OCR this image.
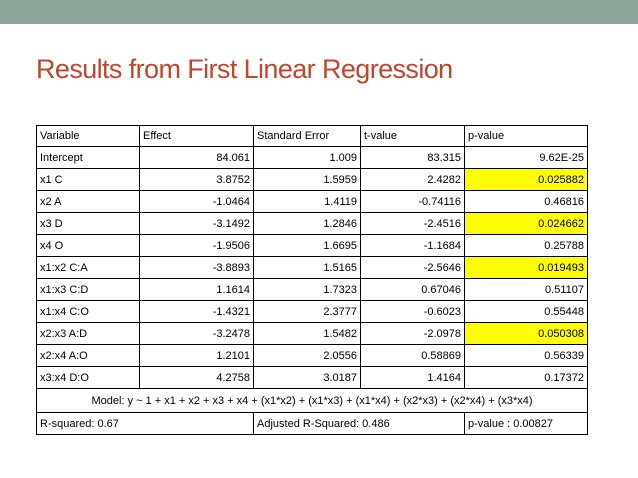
Results from First Linear Regression
Variable	Effect	Standard Error	t-value	p-value
Intercept	84.061	1.009	83.315	9.62E-25
x1 C	3.8752	1.5959	2.4282	0.025882
x2 A	-1.0464	1.4119	-0.74116	0.46816
x3 D	-3.1492	1.2846	-2.4516	0.024662
x4 O	-1.9506	1.6695	-1.1684	0.25788
x1:x2 C:A	-3.8893	1.5165	-2.5646	0.019493
x1:x3 C:D	1.1614	1.7323	0.67046	0.51107
x1:x4 C:O	-1.4321	2.3777	-0.6023	0.55448
x2:x3 A:D	-3.2478	1.5482	-2.0978	0.050308
x2:x4 A:O	1.2101	2.0556	0.58869	0.56339
x3:x4 D:O	4.2758	3.0187	1.4164	0.17372
Model: y ~ 1 + x1 + x2 + x3 + x4 + (x1*x2) + (x1*x3) + (x1*x4) + (x2*x3) + (x2*x4) + (x3*x4)				
R-squared: 0.67		Adjusted R-Squared: 0.486		p-value : 0.00827
